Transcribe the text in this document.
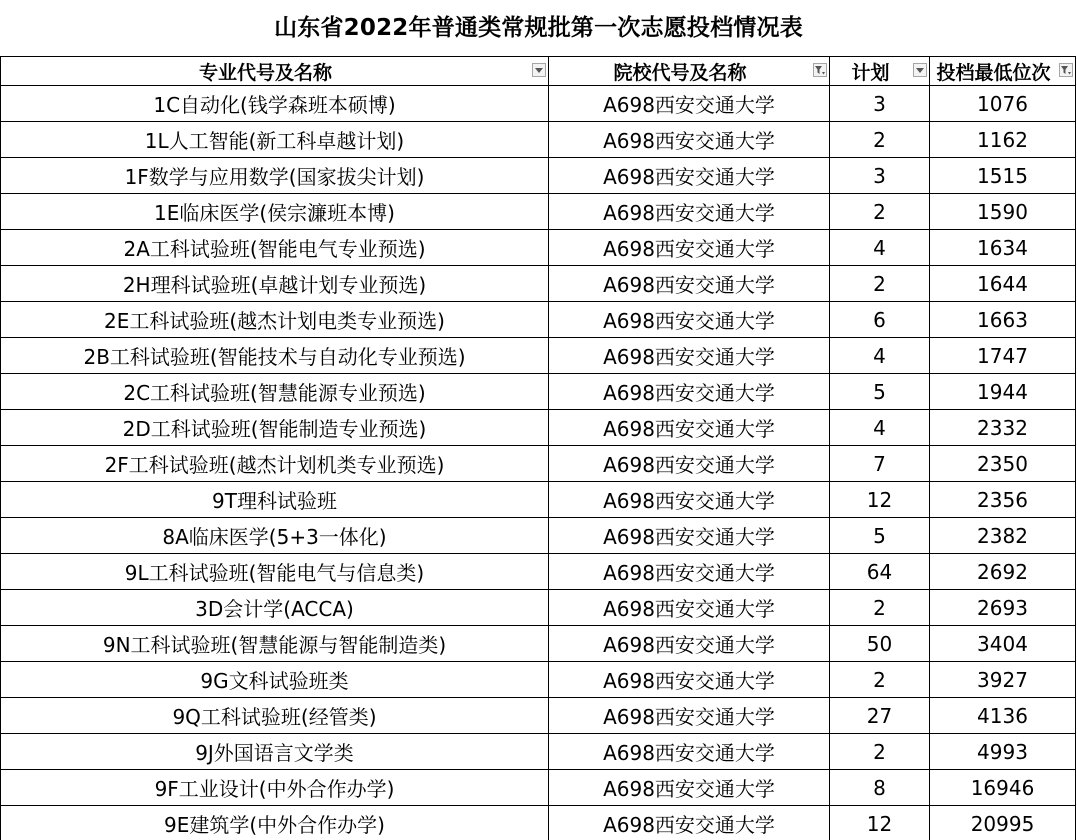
山东省2022年普通类常规批第一次志愿投档情况表
专业代号及名称	院校代号及名称	计划	投档最低位次

1C自动化(钱学森班本硕博)	A698西安交通大学	3	1076
1L人工智能(新工科卓越计划)	A698西安交通大学	2	1162
1F数学与应用数学(国家拔尖计划)	A698西安交通大学	3	1515
1E临床医学(侯宗濂班本博)	A698西安交通大学	2	1590
2A工科试验班(智能电气专业预选)	A698西安交通大学	4	1634
2H理科试验班(卓越计划专业预选)	A698西安交通大学	2	1644
2E工科试验班(越杰计划电类专业预选)	A698西安交通大学	6	1663
2B工科试验班(智能技术与自动化专业预选)	A698西安交通大学	4	1747
2C工科试验班(智慧能源专业预选)	A698西安交通大学	5	1944
2D工科试验班(智能制造专业预选)	A698西安交通大学	4	2332
2F工科试验班(越杰计划机类专业预选)	A698西安交通大学	7	2350
9T理科试验班	A698西安交通大学	12	2356
8A临床医学(5+3一体化)	A698西安交通大学	5	2382
9L工科试验班(智能电气与信息类)	A698西安交通大学	64	2692
3D会计学(ACCA)	A698西安交通大学	2	2693
9N工科试验班(智慧能源与智能制造类)	A698西安交通大学	50	3404
9G文科试验班类	A698西安交通大学	2	3927
9Q工科试验班(经管类)	A698西安交通大学	27	4136
9J外国语言文学类	A698西安交通大学	2	4993
9F工业设计(中外合作办学)	A698西安交通大学	8	16946
9E建筑学(中外合作办学)	A698西安交通大学	12	20995
